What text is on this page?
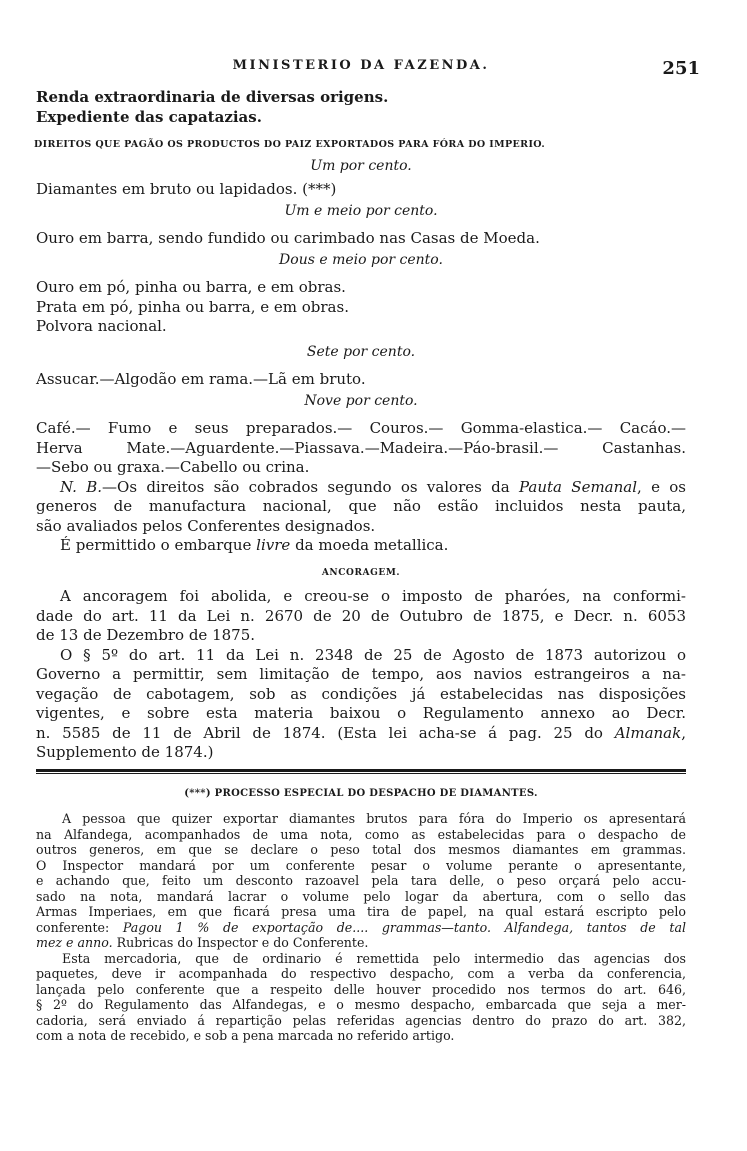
MINISTERIO DA FAZENDA.	251
Renda extraordinaria de diversas origens.
Expediente das capatazias.
DIREITOS QUE PAGÃO OS PRODUCTOS DO PAIZ EXPORTADOS PARA FÓRA DO IMPERIO.
Um por cento.
Diamantes em bruto ou lapidados. (***)
Um e meio por cento.
Ouro em barra, sendo fundido ou carimbado nas Casas de Moeda.
Dous e meio por cento.
Ouro em pó, pinha ou barra, e em obras.
Prata em pó, pinha ou barra, e em obras.
Polvora nacional.
Sete por cento.
Assucar.—Algodão em rama.—Lã em bruto.
Nove por cento.
Café.— Fumo e seus preparados.— Couros.— Gomma-elastica.— Cacáo.—
Herva Mate.—Aguardente.—Piassava.—Madeira.—Páo-brasil.— Castanhas.
—Sebo ou graxa.—Cabello ou crina.
N. B.—Os direitos são cobrados segundo os valores da Pauta Semanal, e os
generos de manufactura nacional, que não estão incluidos nesta pauta,
são avaliados pelos Conferentes designados.
É permittido o embarque livre da moeda metallica.
ANCORAGEM.
A ancoragem foi abolida, e creou-se o imposto de pharóes, na conformi-
dade do art. 11 da Lei n. 2670 de 20 de Outubro de 1875, e Decr. n. 6053
de 13 de Dezembro de 1875.
O § 5º do art. 11 da Lei n. 2348 de 25 de Agosto de 1873 autorizou o
Governo a permittir, sem limitação de tempo, aos navios estrangeiros a na-
vegação de cabotagem, sob as condições já estabelecidas nas disposições
vigentes, e sobre esta materia baixou o Regulamento annexo ao Decr.
n. 5585 de 11 de Abril de 1874. (Esta lei acha-se á pag. 25 do Almanak,
Supplemento de 1874.)
(***) PROCESSO ESPECIAL DO DESPACHO DE DIAMANTES.
A pessoa que quizer exportar diamantes brutos para fóra do Imperio os apresentará
na Alfandega, acompanhados de uma nota, como as estabelecidas para o despacho de
outros generos, em que se declare o peso total dos mesmos diamantes em grammas.
O Inspector mandará por um conferente pesar o volume perante o apresentante,
e achando que, feito um desconto razoavel pela tara delle, o peso orçará pelo accu-
sado na nota, mandará lacrar o volume pelo logar da abertura, com o sello das
Armas Imperiaes, em que ficará presa uma tira de papel, na qual estará escripto pelo
conferente: Pagou 1 % de exportação de.... grammas—tanto. Alfandega, tantos de tal
mez e anno. Rubricas do Inspector e do Conferente.
Esta mercadoria, que de ordinario é remettida pelo intermedio das agencias dos
paquetes, deve ir acompanhada do respectivo despacho, com a verba da conferencia,
lançada pelo conferente que a respeito delle houver procedido nos termos do art. 646,
§ 2º do Regulamento das Alfandegas, e o mesmo despacho, embarcada que seja a mer-
cadoria, será enviado á repartição pelas referidas agencias dentro do prazo do art. 382,
com a nota de recebido, e sob a pena marcada no referido artigo.
